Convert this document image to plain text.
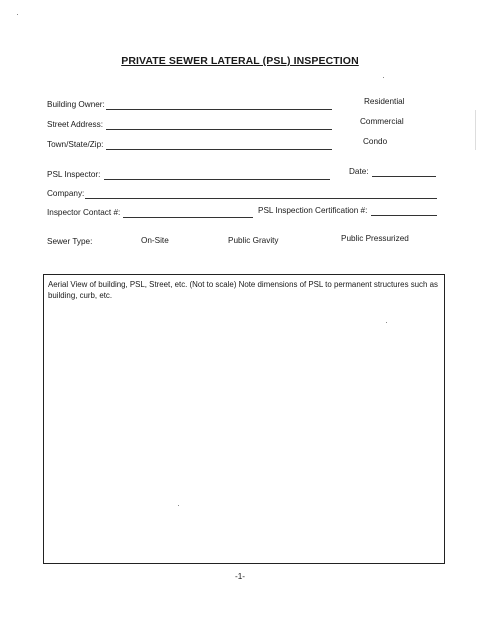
PRIVATE SEWER LATERAL (PSL) INSPECTION
Building Owner:
Street Address:
Town/State/Zip:
Residential
Commercial
Condo
PSL Inspector:	Date:
Company:
Inspector Contact #:	PSL Inspection Certification #:
Sewer Type:	On-Site	Public Gravity	Public Pressurized
Aerial View of building, PSL, Street, etc. (Not to scale) Note dimensions of PSL to permanent structures such as building, curb, etc.
-1-
